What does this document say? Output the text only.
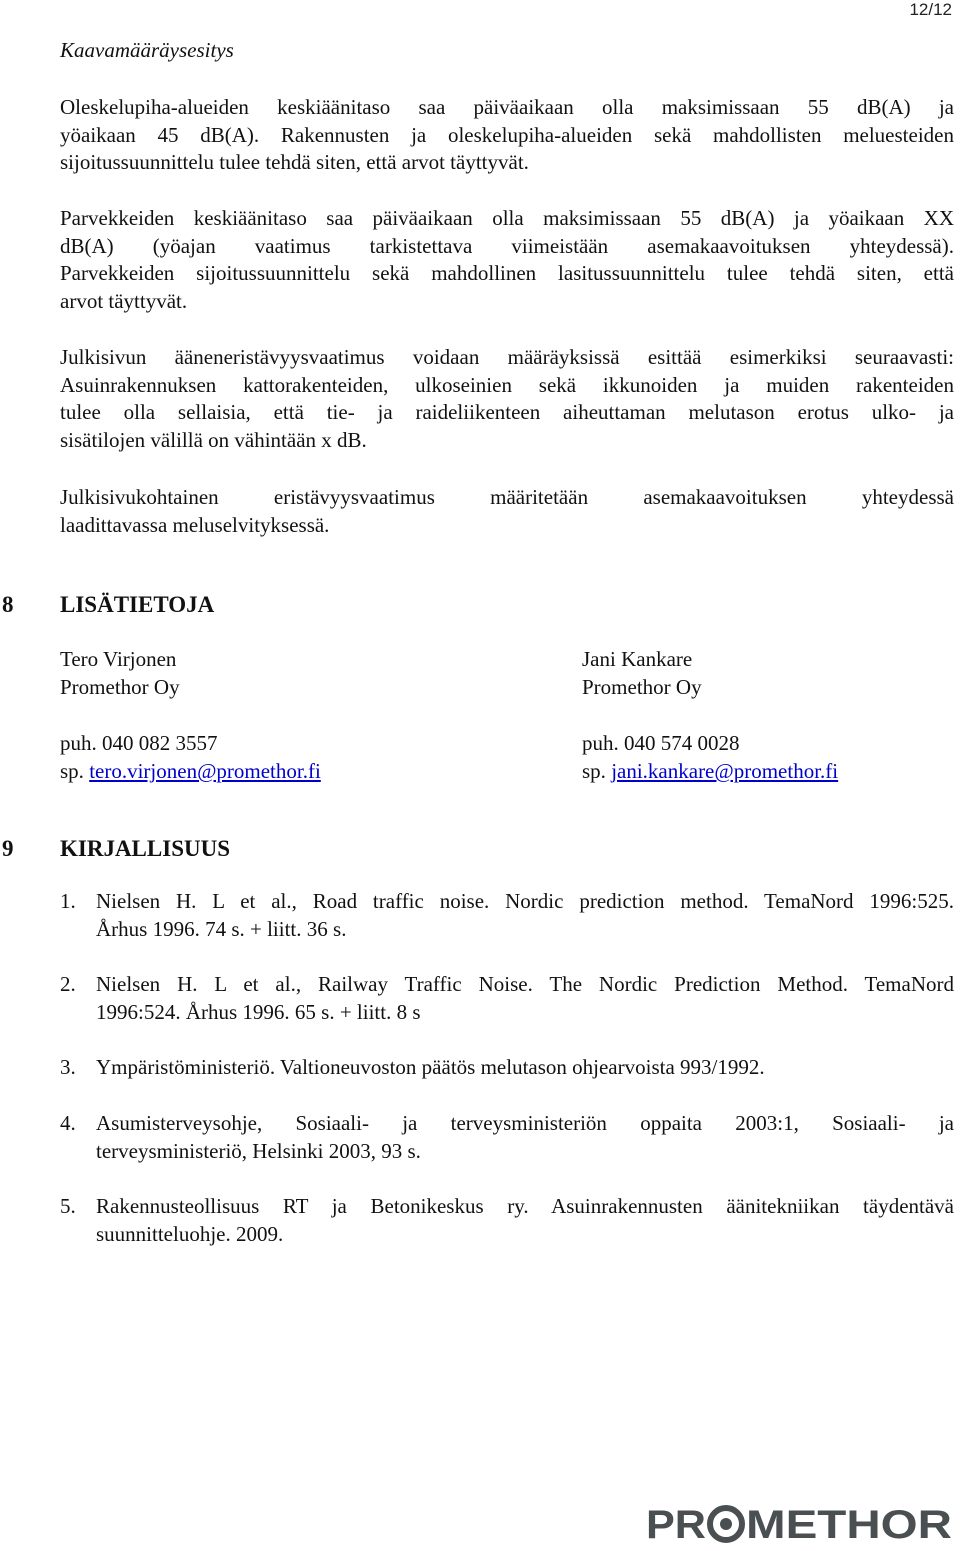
12/12
Kaavamääräysesitys
Oleskelupiha-alueiden keskiäänitaso saa päiväaikaan olla maksimissaan 55 dB(A) ja
yöaikaan 45 dB(A). Rakennusten ja oleskelupiha-alueiden sekä mahdollisten meluesteiden
sijoitussuunnittelu tulee tehdä siten, että arvot täyttyvät.
Parvekkeiden keskiäänitaso saa päiväaikaan olla maksimissaan 55 dB(A) ja yöaikaan XX
dB(A) (yöajan vaatimus tarkistettava viimeistään asemakaavoituksen yhteydessä).
Parvekkeiden sijoitussuunnittelu sekä mahdollinen lasitussuunnittelu tulee tehdä siten, että
arvot täyttyvät.
Julkisivun ääneneristävyysvaatimus voidaan määräyksissä esittää esimerkiksi seuraavasti:
Asuinrakennuksen kattorakenteiden, ulkoseinien sekä ikkunoiden ja muiden rakenteiden
tulee olla sellaisia, että tie- ja raideliikenteen aiheuttaman melutason erotus ulko- ja
sisätilojen välillä on vähintään x dB.
Julkisivukohtainen eristävyysvaatimus määritetään asemakaavoituksen yhteydessä
laadittavassa meluselvityksessä.
8 LISÄTIETOJA
Tero Virjonen
Promethor Oy
puh. 040 082 3557
sp. tero.virjonen@promethor.fi
Jani Kankare
Promethor Oy
puh. 040 574 0028
sp. jani.kankare@promethor.fi
9 KIRJALLISUUS
1. Nielsen H. L et al., Road traffic noise. Nordic prediction method. TemaNord 1996:525.
Århus 1996. 74 s. + liitt. 36 s.
2. Nielsen H. L et al., Railway Traffic Noise. The Nordic Prediction Method. TemaNord
1996:524. Århus 1996. 65 s. + liitt. 8 s
3. Ympäristöministeriö. Valtioneuvoston päätös melutason ohjearvoista 993/1992.
4. Asumisterveysohje, Sosiaali- ja terveysministeriön oppaita 2003:1, Sosiaali- ja
terveysministeriö, Helsinki 2003, 93 s.
5. Rakennusteollisuus RT ja Betonikeskus ry. Asuinrakennusten äänitekniikan täydentävä
suunnitteluohje. 2009.
PR METHOR
